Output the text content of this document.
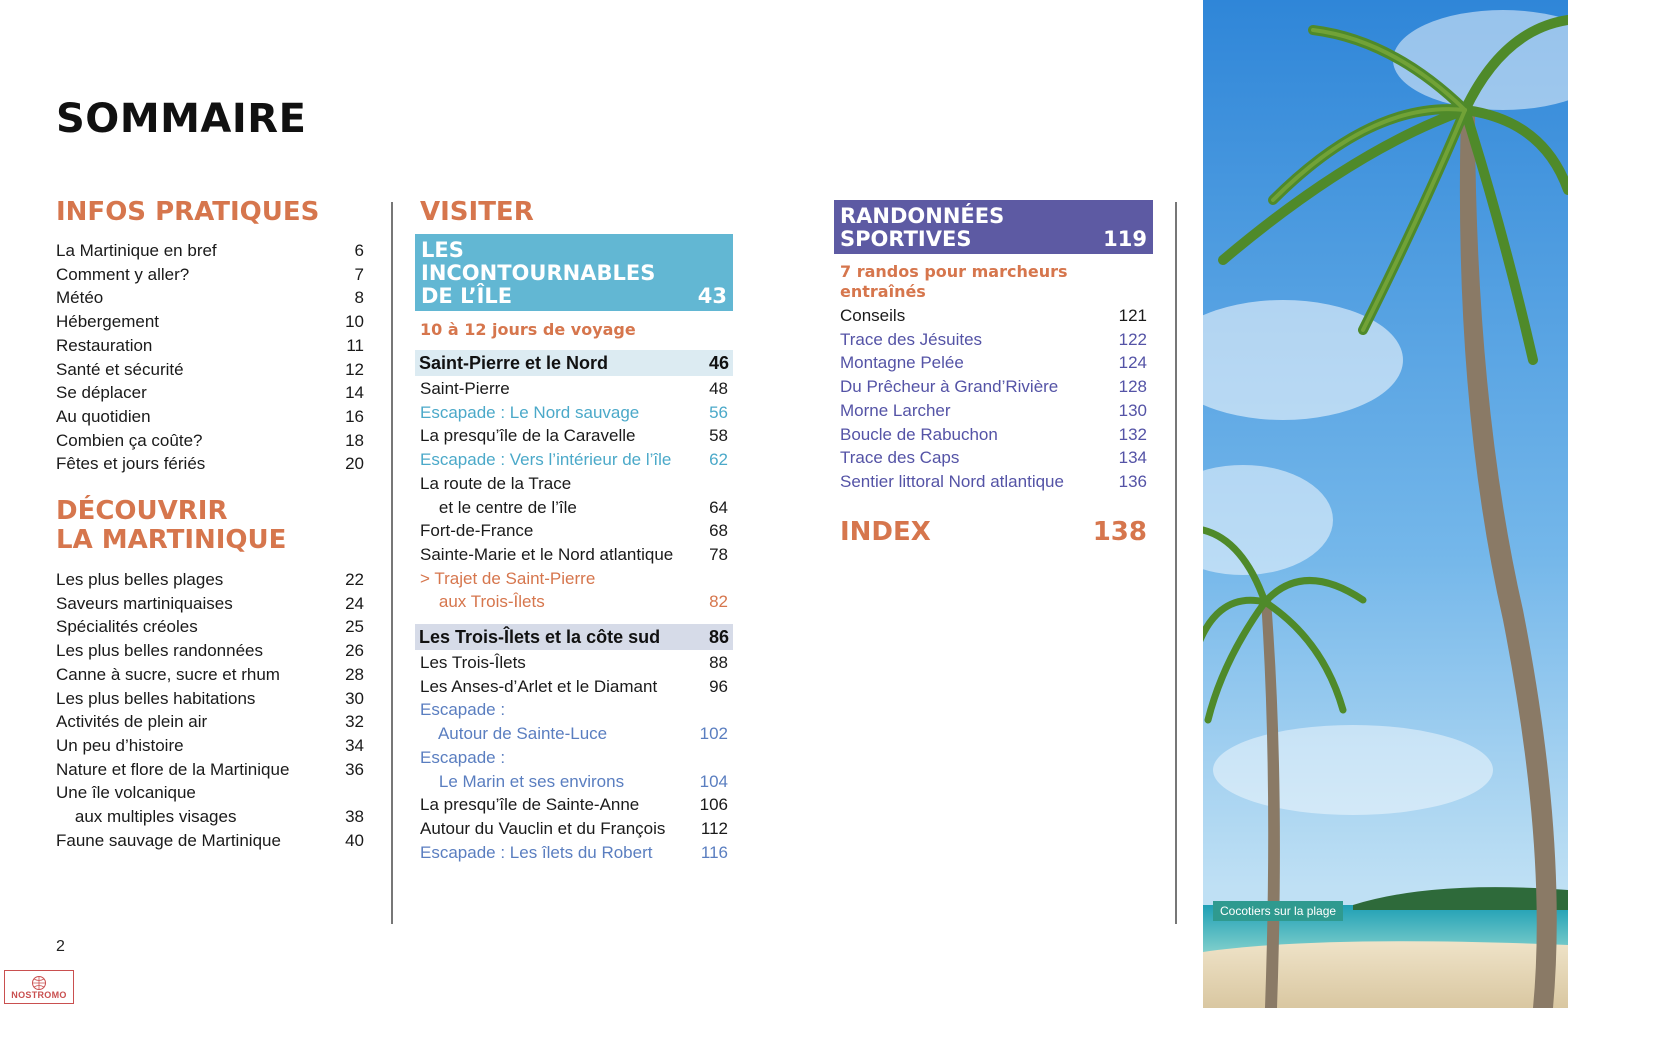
SOMMAIRE
INFOS PRATIQUES
La Martinique en bref	6
Comment y aller?	7
Météo	8
Hébergement	10
Restauration	11
Santé et sécurité	12
Se déplacer	14
Au quotidien	16
Combien ça coûte?	18
Fêtes et jours fériés	20
DÉCOUVRIR
LA MARTINIQUE
Les plus belles plages	22
Saveurs martiniquaises	24
Spécialités créoles	25
Les plus belles randonnées	26
Canne à sucre, sucre et rhum	28
Les plus belles habitations	30
Activités de plein air	32
Un peu d’histoire	34
Nature et flore de la Martinique	36
Une île volcanique
aux multiples visages	38
Faune sauvage de Martinique	40
VISITER
LES INCONTOURNABLES
DE L’ÎLE	43
10 à 12 jours de voyage
Saint-Pierre et le Nord	46
Saint-Pierre	48
Escapade : Le Nord sauvage	56
La presqu’île de la Caravelle	58
Escapade : Vers l’intérieur de l’île 62
La route de la Trace
et le centre de l’île	64
Fort-de-France	68
Sainte-Marie et le Nord atlantique 78
> Trajet de Saint-Pierre
aux Trois-Îlets	82
Les Trois-Îlets et la côte sud	86
Les Trois-Îlets	88
Les Anses-d’Arlet et le Diamant	96
Escapade :
Autour de Sainte-Luce	102
Escapade :
Le Marin et ses environs	104
La presqu’île de Sainte-Anne	106
Autour du Vauclin et du François 112
Escapade : Les îlets du Robert	116
RANDONNÉES
SPORTIVES	119
7 randos pour marcheurs entraînés
Conseils	121
Trace des Jésuites	122
Montagne Pelée	124
Du Prêcheur à Grand’Rivière	128
Morne Larcher	130
Boucle de Rabuchon	132
Trace des Caps	134
Sentier littoral Nord atlantique	136
INDEX	138
Cocotiers sur la plage
2
NOSTROMO
